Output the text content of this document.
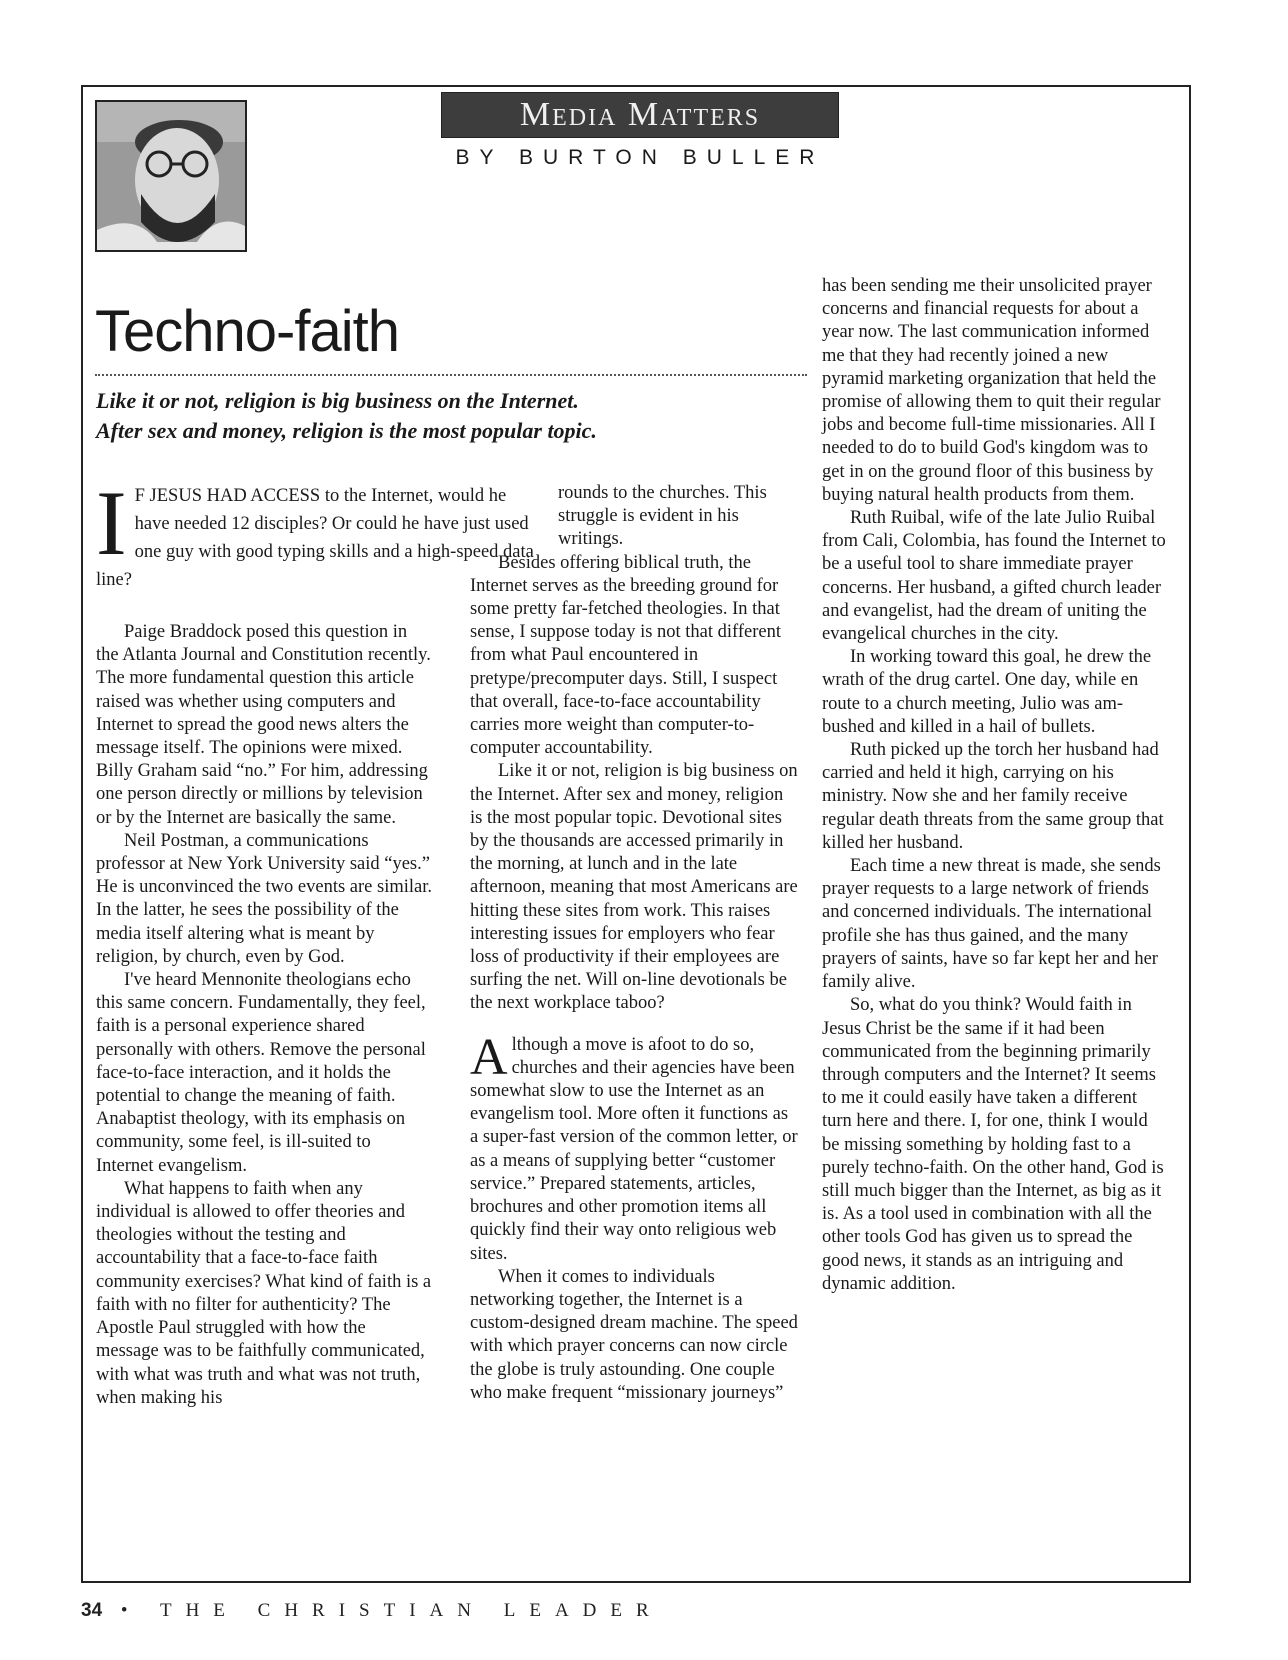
Media Matters
BY BURTON BULLER
Techno-faith

Like it or not, religion is big business on the Internet.

After sex and money, religion is the most popular topic.

I F JESUS HAD ACCESS to the Internet, would he have needed 12 disciples? Or could he have just used one guy with good typing skills and a high-speed data line?

Paige Braddock posed this question in the Atlanta Journal and Constitution recently. The more fundamental question this article raised was whether using computers and Internet to spread the good news alters the message itself. The opinions were mixed. Billy Graham said “no.” For him, addressing one person directly or millions by television or by the Internet are basically the same.

Neil Postman, a communications professor at New York University said “yes.” He is unconvinced the two events are similar. In the latter, he sees the possibility of the media itself altering what is meant by religion, by church, even by God.

I've heard Mennonite theologians echo this same concern. Fundamentally, they feel, faith is a personal experience shared personally with others. Remove the personal face-to-face interaction, and it holds the potential to change the meaning of faith. Anabaptist theology, with its emphasis on community, some feel, is ill-suited to Internet evangelism.

What happens to faith when any individual is allowed to offer theories and theologies without the testing and accountability that a face-to-face faith community exercises? What kind of faith is a faith with no filter for authenticity? The Apostle Paul struggled with how the message was to be faithfully communicated, with what was truth and what was not truth, when making his

rounds to the churches. This struggle is evident in his writings.

Besides offering biblical truth, the Internet serves as the breeding ground for some pretty far-fetched theologies. In that sense, I suppose today is not that different from what Paul encountered in pretype/precomputer days. Still, I suspect that overall, face-to-face accountability carries more weight than computer-to-computer accountability.

Like it or not, religion is big business on the Internet. After sex and money, religion is the most popular topic. Devotional sites by the thousands are accessed primarily in the morning, at lunch and in the late afternoon, meaning that most Americans are hitting these sites from work. This raises interesting issues for employers who fear loss of productivity if their employees are surfing the net. Will on-line devotionals be the next workplace taboo?

Although a move is afoot to do so, churches and their agencies have been somewhat slow to use the Internet as an evangelism tool. More often it functions as a super-fast version of the common letter, or as a means of supplying better “customer service.” Prepared statements, articles, brochures and other promotion items all quickly find their way onto religious web sites.

When it comes to individuals networking together, the Internet is a custom-designed dream machine. The speed with which prayer concerns can now circle the globe is truly astounding. One couple who make frequent “missionary journeys”

has been sending me their unsolicited prayer concerns and financial requests for about a year now. The last communication informed me that they had recently joined a new pyramid marketing organization that held the promise of allowing them to quit their regular jobs and become full-time missionaries. All I needed to do to build God's kingdom was to get in on the ground floor of this business by buying natural health products from them.

Ruth Ruibal, wife of the late Julio Ruibal from Cali, Colombia, has found the Internet to be a useful tool to share immediate prayer concerns. Her husband, a gifted church leader and evangelist, had the dream of uniting the evangelical churches in the city.

In working toward this goal, he drew the wrath of the drug cartel. One day, while en route to a church meeting, Julio was am-bushed and killed in a hail of bullets.

Ruth picked up the torch her husband had carried and held it high, carrying on his ministry. Now she and her family receive regular death threats from the same group that killed her husband.

Each time a new threat is made, she sends prayer requests to a large network of friends and concerned individuals. The international profile she has thus gained, and the many prayers of saints, have so far kept her and her family alive.

So, what do you think? Would faith in Jesus Christ be the same if it had been communicated from the beginning primarily through computers and the Internet? It seems to me it could easily have taken a different turn here and there. I, for one, think I would be missing something by holding fast to a purely techno-faith. On the other hand, God is still much bigger than the Internet, as big as it is. As a tool used in combination with all the other tools God has given us to spread the good news, it stands as an intriguing and dynamic addition.

34 • THE CHRISTIAN LEADER
